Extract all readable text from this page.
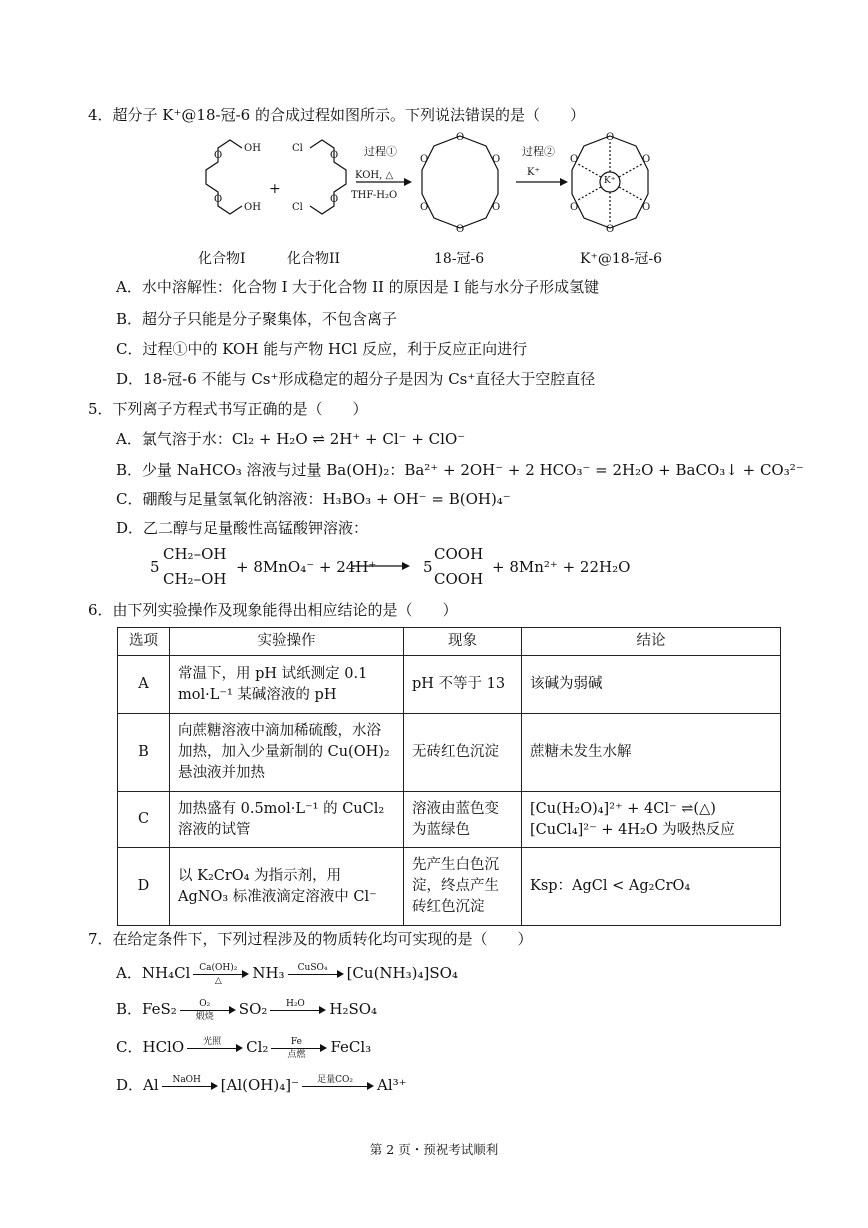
4．超分子 K⁺@18-冠-6 的合成过程如图所示。下列说法错误的是（　　）
O
O
O
O
OH
OH
Cl
Cl
O
O
O	O
O	O
O
O
O	O
O	O
+
过程①
KOH, △
THF-H₂O
过程②
K⁺
K⁺
化合物I	化合物II	18-冠-6	K⁺@18-冠-6
A．水中溶解性：化合物 I 大于化合物 II 的原因是 I 能与水分子形成氢键
B．超分子只能是分子聚集体，不包含离子
C．过程①中的 KOH 能与产物 HCl 反应，利于反应正向进行
D．18-冠-6 不能与 Cs⁺形成稳定的超分子是因为 Cs⁺直径大于空腔直径
5．下列离子方程式书写正确的是（　　）
A．氯气溶于水：Cl₂ + H₂O ⇌ 2H⁺ + Cl⁻ + ClO⁻
B．少量 NaHCO₃ 溶液与过量 Ba(OH)₂：Ba²⁺ + 2OH⁻ + 2 HCO₃⁻ = 2H₂O + BaCO₃↓ + CO₃²⁻
C．硼酸与足量氢氧化钠溶液：H₃BO₃ + OH⁻ = B(OH)₄⁻
D．乙二醇与足量酸性高锰酸钾溶液：
5
CH₂–OH
CH₂–OH
+ 8MnO₄⁻ + 24H⁺ → 5
COOH
COOH
+ 8Mn²⁺ + 22H₂O
6．由下列实验操作及现象能得出相应结论的是（　　）
选项	实验操作	现象	结论
A	常温下，用 pH 试纸测定 0.1 mol·L⁻¹ 某碱溶液的 pH	pH 不等于 13	该碱为弱碱
B	向蔗糖溶液中滴加稀硫酸，水浴加热，加入少量新制的 Cu(OH)₂ 悬浊液并加热	无砖红色沉淀	蔗糖未发生水解
C	加热盛有 0.5mol·L⁻¹ 的 CuCl₂ 溶液的试管	溶液由蓝色变为蓝绿色	[Cu(H₂O)₄]²⁺ + 4Cl⁻ ⇌(△) [CuCl₄]²⁻ + 4H₂O 为吸热反应
D	以 K₂CrO₄ 为指示剂，用 AgNO₃ 标准液滴定溶液中 Cl⁻	先产生白色沉淀，终点产生砖红色沉淀	Ksp：AgCl < Ag₂CrO₄
7．在给定条件下，下列过程涉及的物质转化均可实现的是（　　）
A．NH₄Cl Ca(OH)₂
△	NH₃	CuSO₄	[Cu(NH₃)₄]SO₄
B．FeS₂	O₂
煅烧	SO₂	H₂O	H₂SO₄
C．HClO	光照	Cl₂	Fe
点燃	FeCl₃
D．Al	NaOH	[Al(OH)₄]⁻	足量CO₂	Al³⁺
第 2 页・预祝考试顺利
